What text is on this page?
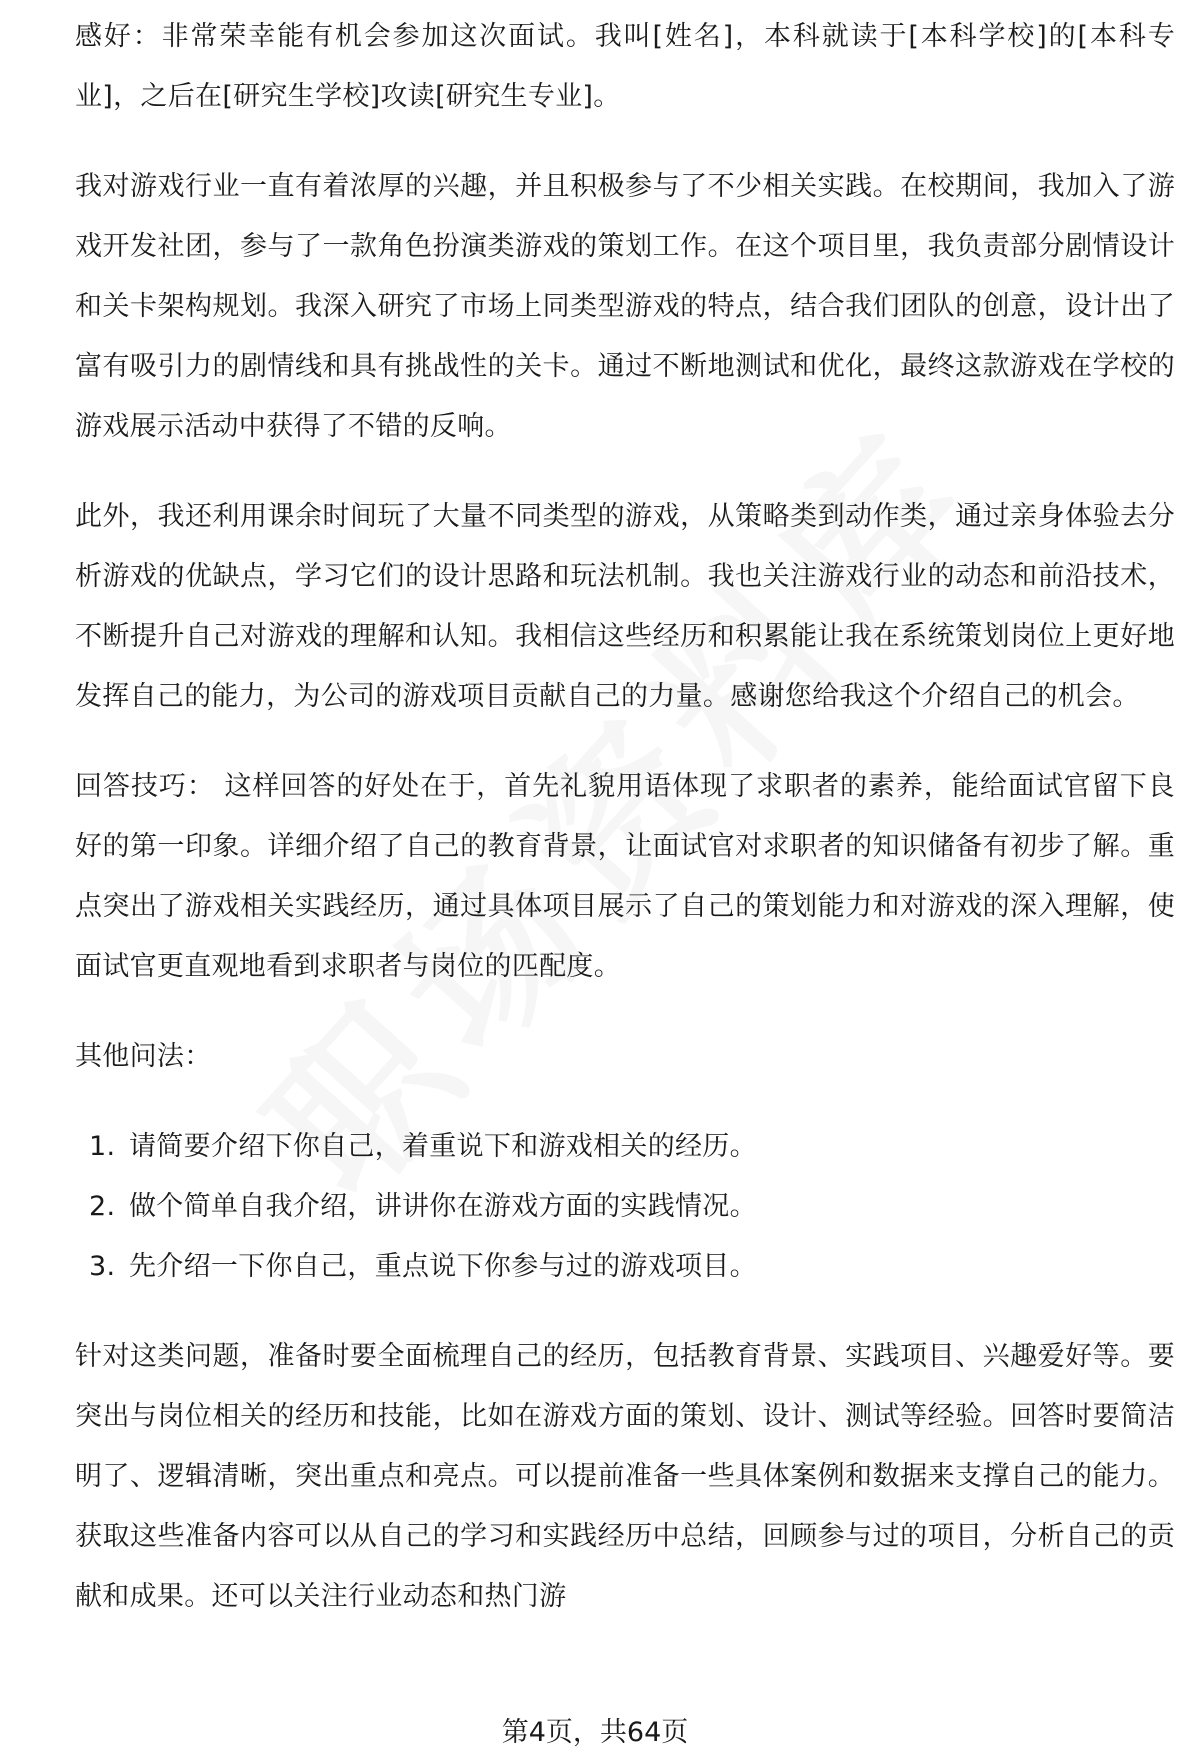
感好：非常荣幸能有机会参加这次面试。我叫[姓名]，本科就读于[本科学校]的[本科专业]，之后在[研究生学校]攻读[研究生专业]。

我对游戏行业一直有着浓厚的兴趣，并且积极参与了不少相关实践。在校期间，我加入了游戏开发社团，参与了一款角色扮演类游戏的策划工作。在这个项目里，我负责部分剧情设计和关卡架构规划。我深入研究了市场上同类型游戏的特点，结合我们团队的创意，设计出了富有吸引力的剧情线和具有挑战性的关卡。通过不断地测试和优化，最终这款游戏在学校的游戏展示活动中获得了不错的反响。

此外，我还利用课余时间玩了大量不同类型的游戏，从策略类到动作类，通过亲身体验去分析游戏的优缺点，学习它们的设计思路和玩法机制。我也关注游戏行业的动态和前沿技术，不断提升自己对游戏的理解和认知。我相信这些经历和积累能让我在系统策划岗位上更好地发挥自己的能力，为公司的游戏项目贡献自己的力量。感谢您给我这个介绍自己的机会。

回答技巧： 这样回答的好处在于，首先礼貌用语体现了求职者的素养，能给面试官留下良好的第一印象。详细介绍了自己的教育背景，让面试官对求职者的知识储备有初步了解。重点突出了游戏相关实践经历，通过具体项目展示了自己的策划能力和对游戏的深入理解，使面试官更直观地看到求职者与岗位的匹配度。

其他问法：

1. 请简要介绍下你自己，着重说下和游戏相关的经历。
2. 做个简单自我介绍，讲讲你在游戏方面的实践情况。
3. 先介绍一下你自己，重点说下你参与过的游戏项目。

针对这类问题，准备时要全面梳理自己的经历，包括教育背景、实践项目、兴趣爱好等。要突出与岗位相关的经历和技能，比如在游戏方面的策划、设计、测试等经验。回答时要简洁明了、逻辑清晰，突出重点和亮点。可以提前准备一些具体案例和数据来支撑自己的能力。获取这些准备内容可以从自己的学习和实践经历中总结，回顾参与过的项目，分析自己的贡献和成果。还可以关注行业动态和热门游

第4页，共64页
